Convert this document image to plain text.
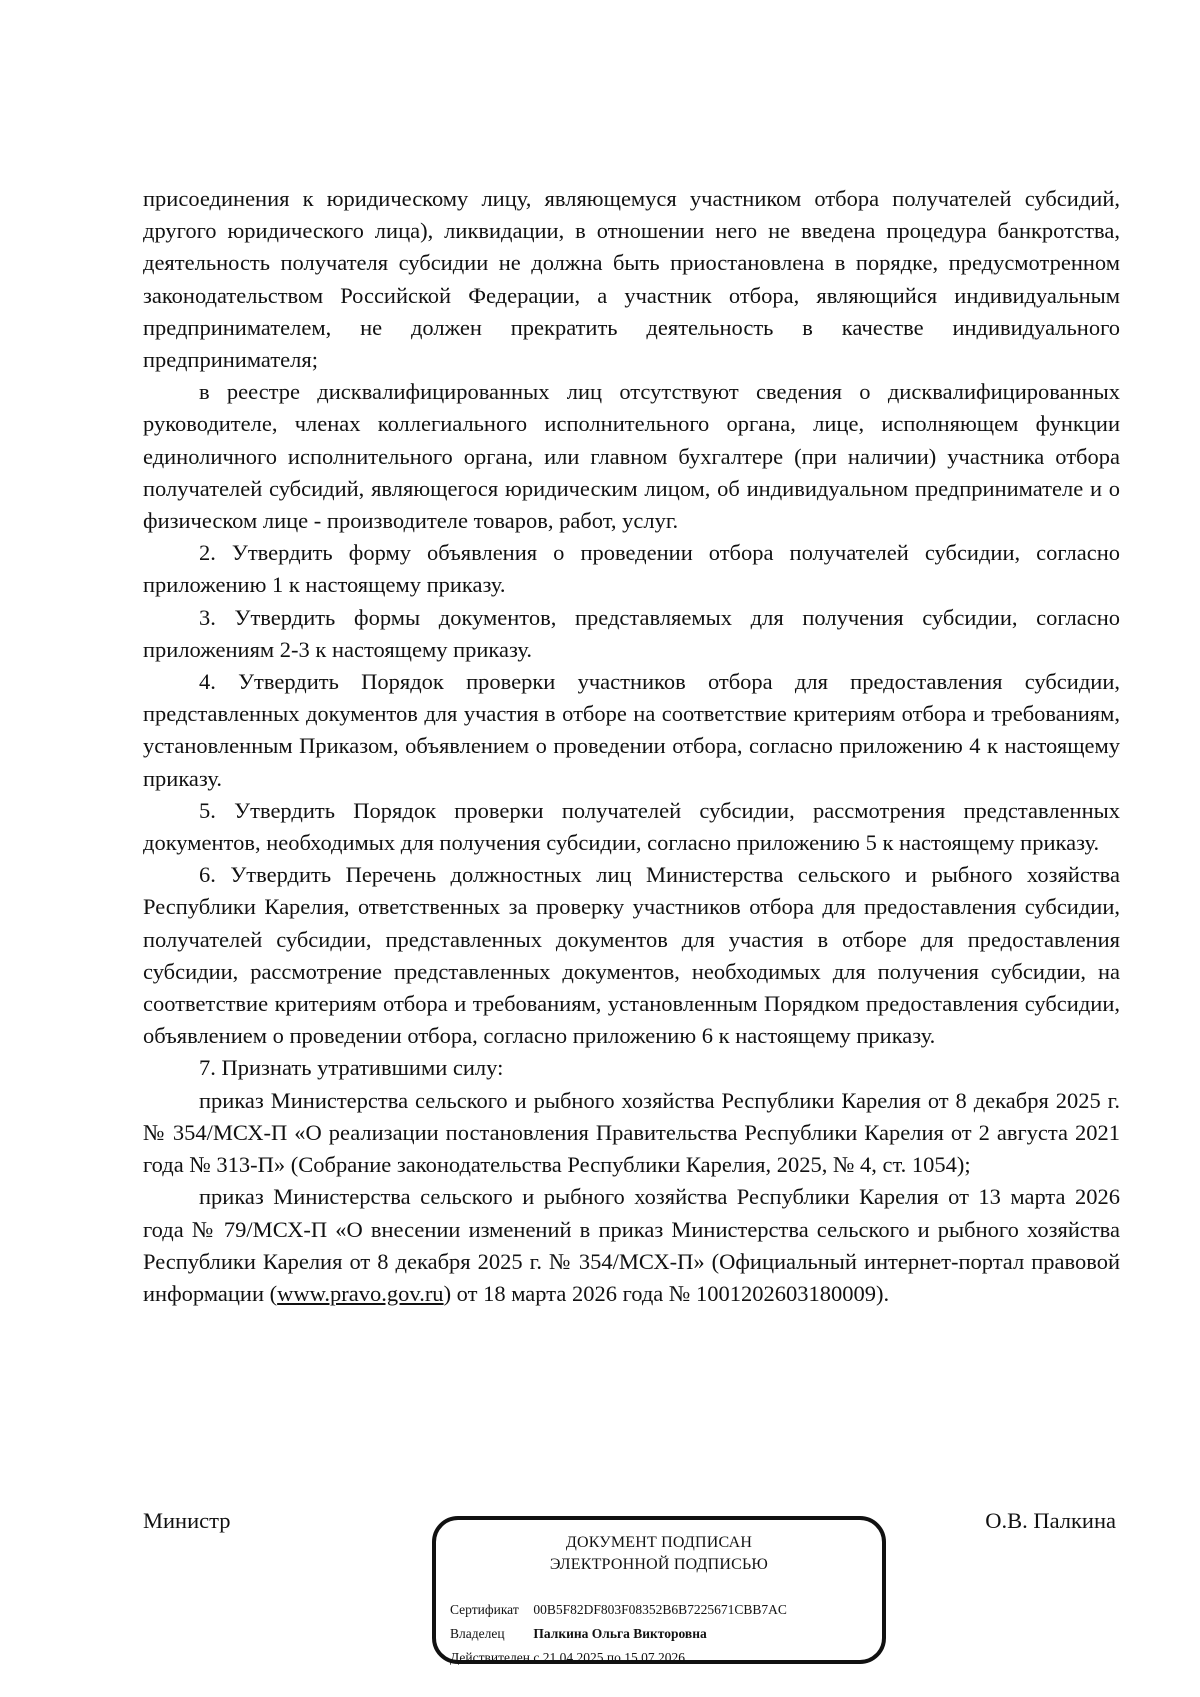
присоединения к юридическому лицу, являющемуся участником отбора получателей субсидий, другого юридического лица), ликвидации, в отношении него не введена процедура банкротства, деятельность получателя субсидии не должна быть приостановлена в порядке, предусмотренном законодательством Российской Федерации, а участник отбора, являющийся индивидуальным предпринимателем, не должен прекратить деятельность в качестве индивидуального предпринимателя;

в реестре дисквалифицированных лиц отсутствуют сведения о дисквалифицированных руководителе, членах коллегиального исполнительного органа, лице, исполняющем функции единоличного исполнительного органа, или главном бухгалтере (при наличии) участника отбора получателей субсидий, являющегося юридическим лицом, об индивидуальном предпринимателе и о физическом лице - производителе товаров, работ, услуг.

2. Утвердить форму объявления о проведении отбора получателей субсидии, согласно приложению 1 к настоящему приказу.

3. Утвердить формы документов, представляемых для получения субсидии, согласно приложениям 2-3 к настоящему приказу.

4. Утвердить Порядок проверки участников отбора для предоставления субсидии, представленных документов для участия в отборе на соответствие критериям отбора и требованиям, установленным Приказом, объявлением о проведении отбора, согласно приложению 4 к настоящему приказу.

5. Утвердить Порядок проверки получателей субсидии, рассмотрения представленных документов, необходимых для получения субсидии, согласно приложению 5 к настоящему приказу.

6. Утвердить Перечень должностных лиц Министерства сельского и рыбного хозяйства Республики Карелия, ответственных за проверку участников отбора для предоставления субсидии, получателей субсидии, представленных документов для участия в отборе для предоставления субсидии, рассмотрение представленных документов, необходимых для получения субсидии, на соответствие критериям отбора и требованиям, установленным Порядком предоставления субсидии, объявлением о проведении отбора, согласно приложению 6 к настоящему приказу.

7. Признать утратившими силу:

приказ Министерства сельского и рыбного хозяйства Республики Карелия от 8 декабря 2025 г. № 354/МСХ-П «О реализации постановления Правительства Республики Карелия от 2 августа 2021 года № 313-П» (Собрание законодательства Республики Карелия, 2025, № 4, ст. 1054);

приказ Министерства сельского и рыбного хозяйства Республики Карелия от 13 марта 2026 года № 79/МСХ-П «О внесении изменений в приказ Министерства сельского и рыбного хозяйства Республики Карелия от 8 декабря 2025 г. № 354/МСХ-П» (Официальный интернет-портал правовой информации (www.pravo.gov.ru) от 18 марта 2026 года № 1001202603180009).

Министр	О.В. Палкина
ДОКУМЕНТ ПОДПИСАН
ЭЛЕКТРОННОЙ ПОДПИСЬЮ
Сертификат 00B5F82DF803F08352B6B7225671CBB7AC
Владелец Палкина Ольга Викторовна
Действителен с 21.04.2025 по 15.07.2026
